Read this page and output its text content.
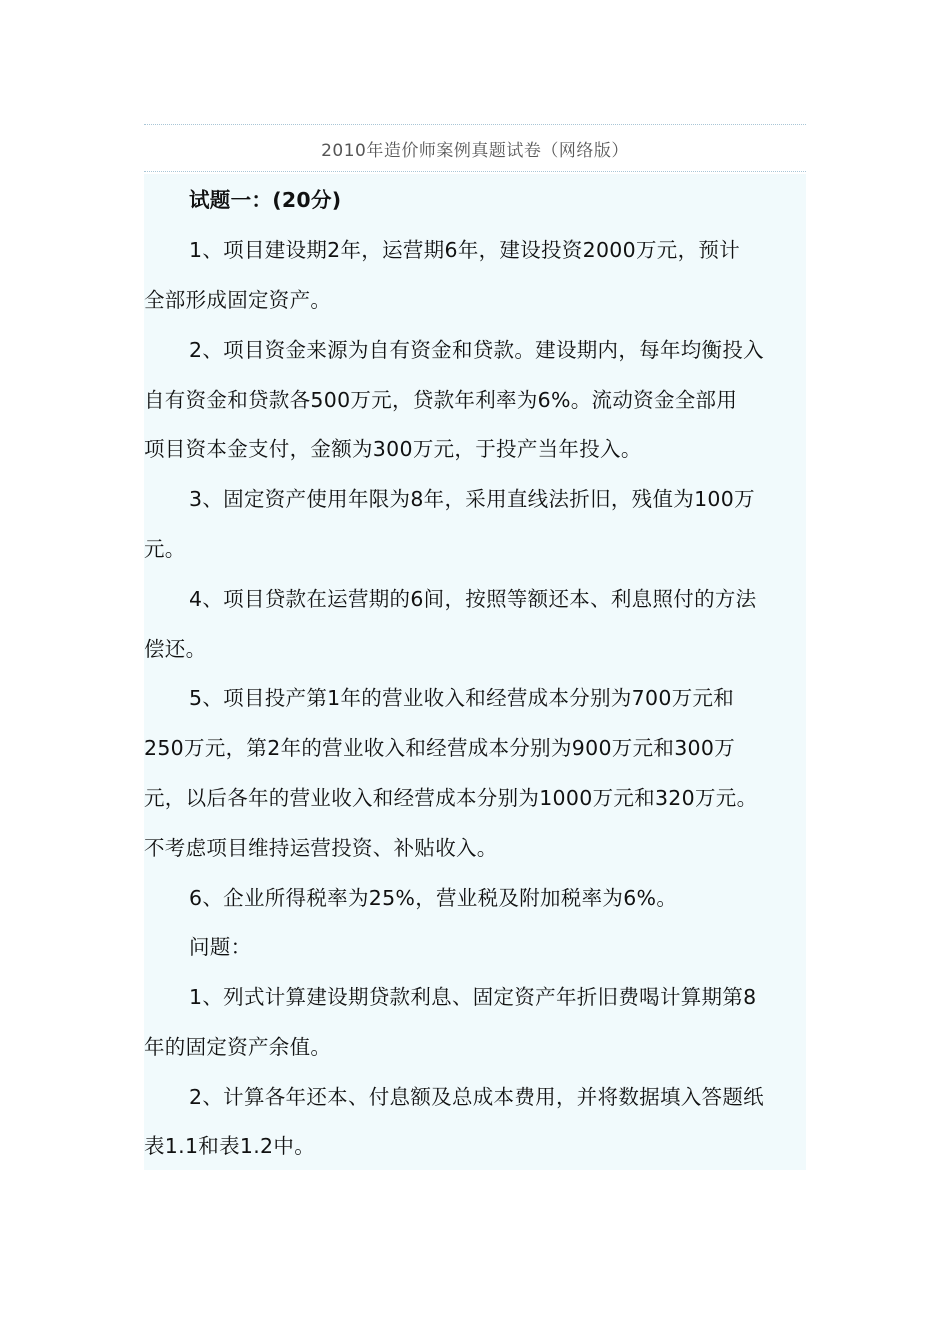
2010年造价师案例真题试卷（网络版）
试题一：(20分)
1、项目建设期2年，运营期6年，建设投资2000万元，预计
全部形成固定资产。
2、项目资金来源为自有资金和贷款。建设期内，每年均衡投入
自有资金和贷款各500万元，贷款年利率为6%。流动资金全部用
项目资本金支付，金额为300万元，于投产当年投入。
3、固定资产使用年限为8年，采用直线法折旧，残值为100万
元。
4、项目贷款在运营期的6间，按照等额还本、利息照付的方法
偿还。
5、项目投产第1年的营业收入和经营成本分别为700万元和
250万元，第2年的营业收入和经营成本分别为900万元和300万
元，以后各年的营业收入和经营成本分别为1000万元和320万元。
不考虑项目维持运营投资、补贴收入。
6、企业所得税率为25%，营业税及附加税率为6%。
问题：
1、列式计算建设期贷款利息、固定资产年折旧费喝计算期第8
年的固定资产余值。
2、计算各年还本、付息额及总成本费用，并将数据填入答题纸
表1.1和表1.2中。
